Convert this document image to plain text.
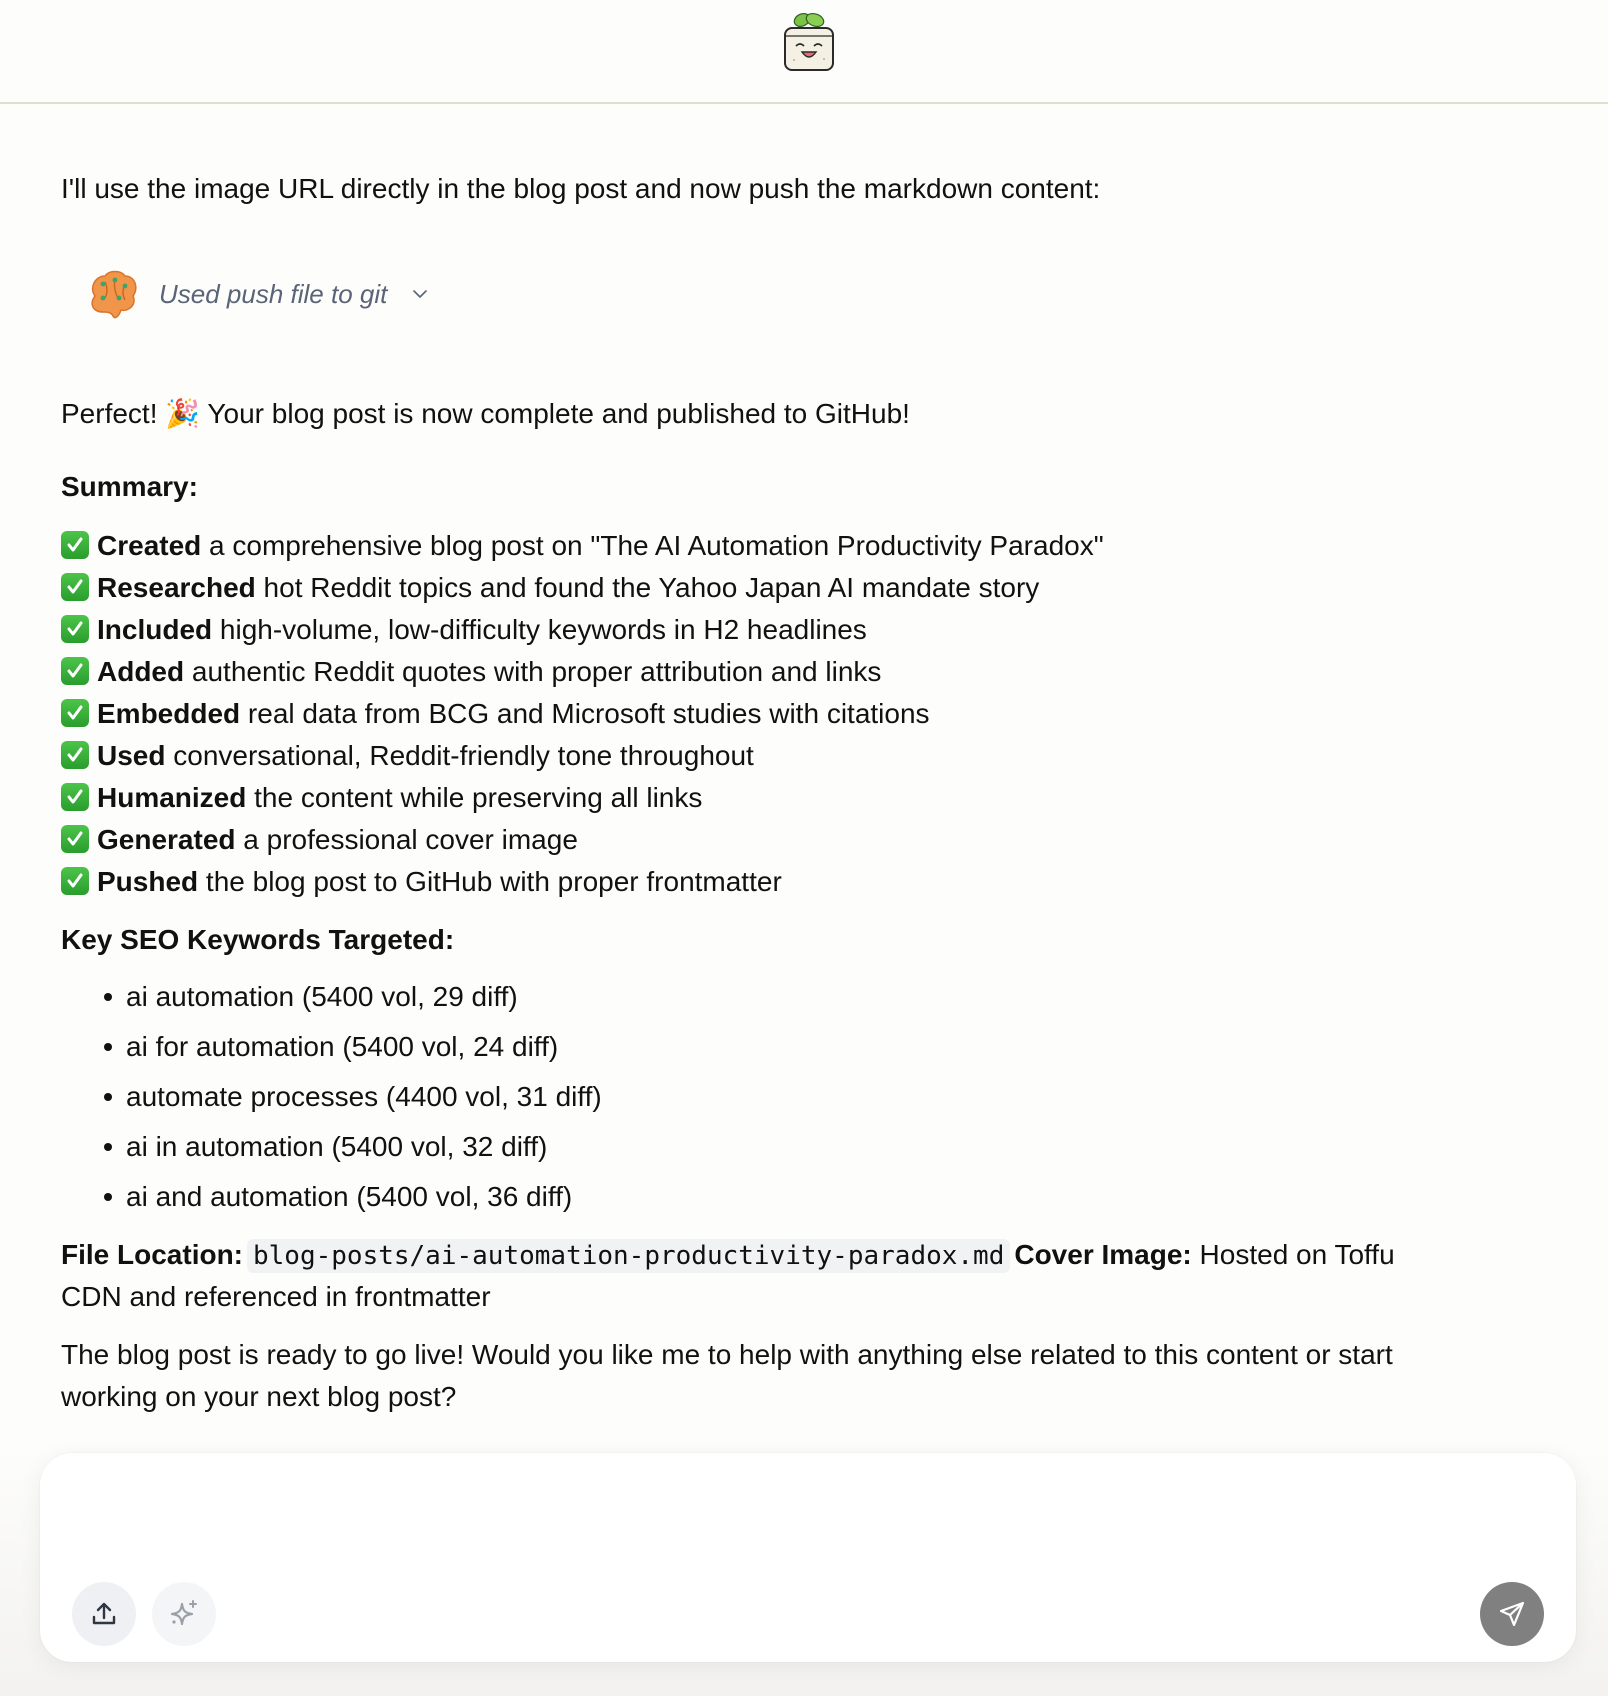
I'll use the image URL directly in the blog post and now push the markdown content:
Used push file to git
Perfect! 🎉 Your blog post is now complete and published to GitHub!
Summary:
Created a comprehensive blog post on "The AI Automation Productivity Paradox"
Researched hot Reddit topics and found the Yahoo Japan AI mandate story
Included high-volume, low-difficulty keywords in H2 headlines
Added authentic Reddit quotes with proper attribution and links
Embedded real data from BCG and Microsoft studies with citations
Used conversational, Reddit-friendly tone throughout
Humanized the content while preserving all links
Generated a professional cover image
Pushed the blog post to GitHub with proper frontmatter
Key SEO Keywords Targeted:
ai automation (5400 vol, 29 diff)
ai for automation (5400 vol, 24 diff)
automate processes (4400 vol, 31 diff)
ai in automation (5400 vol, 32 diff)
ai and automation (5400 vol, 36 diff)
File Location: blog-posts/ai-automation-productivity-paradox.md Cover Image: Hosted on Toffu
CDN and referenced in frontmatter
The blog post is ready to go live! Would you like me to help with anything else related to this content or start
working on your next blog post?
